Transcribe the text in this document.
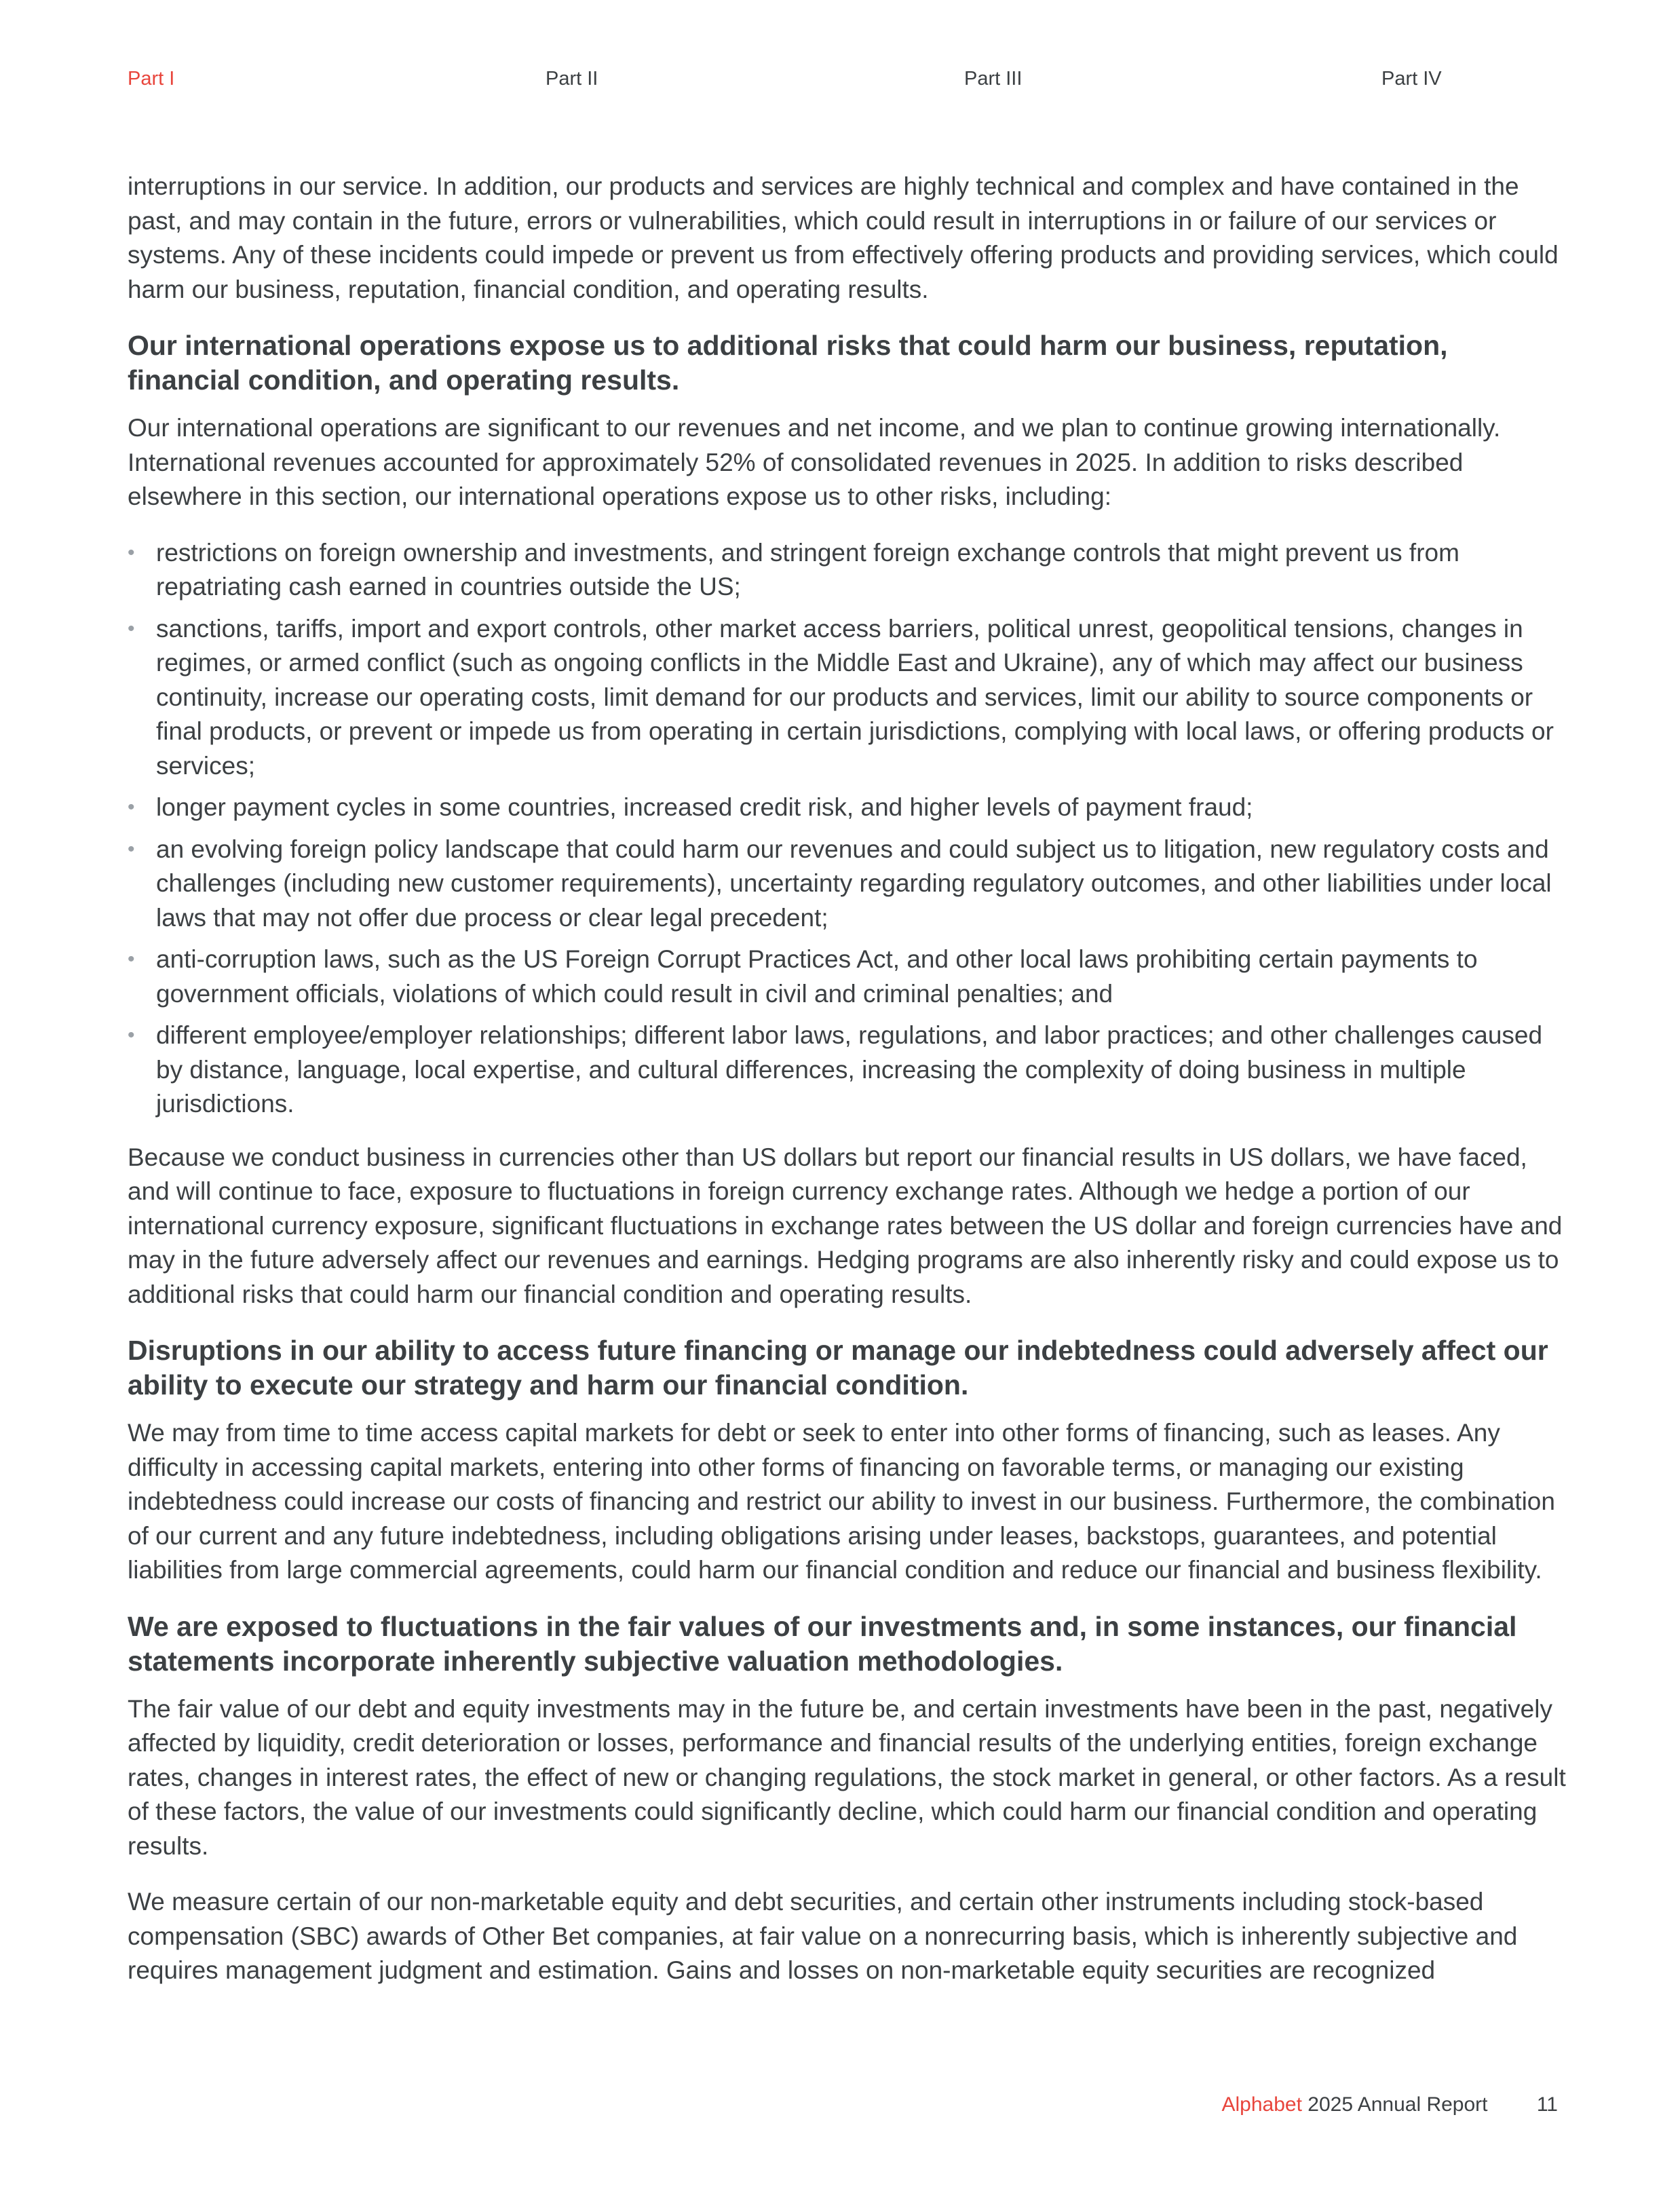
Part I	Part II	Part III	Part IV

interruptions in our service. In addition, our products and services are highly technical and complex and have contained in the past, and may contain in the future, errors or vulnerabilities, which could result in interruptions in or failure of our services or systems. Any of these incidents could impede or prevent us from effectively offering products and providing services, which could harm our business, reputation, financial condition, and operating results.

Our international operations expose us to additional risks that could harm our business, reputation, financial condition, and operating results.

Our international operations are significant to our revenues and net income, and we plan to continue growing internationally. International revenues accounted for approximately 52% of consolidated revenues in 2025. In addition to risks described elsewhere in this section, our international operations expose us to other risks, including:

• restrictions on foreign ownership and investments, and stringent foreign exchange controls that might prevent us from repatriating cash earned in countries outside the US;
• sanctions, tariffs, import and export controls, other market access barriers, political unrest, geopolitical tensions, changes in regimes, or armed conflict (such as ongoing conflicts in the Middle East and Ukraine), any of which may affect our business continuity, increase our operating costs, limit demand for our products and services, limit our ability to source components or final products, or prevent or impede us from operating in certain jurisdictions, complying with local laws, or offering products or services;
• longer payment cycles in some countries, increased credit risk, and higher levels of payment fraud;
• an evolving foreign policy landscape that could harm our revenues and could subject us to litigation, new regulatory costs and challenges (including new customer requirements), uncertainty regarding regulatory outcomes, and other liabilities under local laws that may not offer due process or clear legal precedent;
• anti-corruption laws, such as the US Foreign Corrupt Practices Act, and other local laws prohibiting certain payments to government officials, violations of which could result in civil and criminal penalties; and
• different employee/employer relationships; different labor laws, regulations, and labor practices; and other challenges caused by distance, language, local expertise, and cultural differences, increasing the complexity of doing business in multiple jurisdictions.

Because we conduct business in currencies other than US dollars but report our financial results in US dollars, we have faced, and will continue to face, exposure to fluctuations in foreign currency exchange rates. Although we hedge a portion of our international currency exposure, significant fluctuations in exchange rates between the US dollar and foreign currencies have and may in the future adversely affect our revenues and earnings. Hedging programs are also inherently risky and could expose us to additional risks that could harm our financial condition and operating results.

Disruptions in our ability to access future financing or manage our indebtedness could adversely affect our ability to execute our strategy and harm our financial condition.

We may from time to time access capital markets for debt or seek to enter into other forms of financing, such as leases. Any difficulty in accessing capital markets, entering into other forms of financing on favorable terms, or managing our existing indebtedness could increase our costs of financing and restrict our ability to invest in our business. Furthermore, the combination of our current and any future indebtedness, including obligations arising under leases, backstops, guarantees, and potential liabilities from large commercial agreements, could harm our financial condition and reduce our financial and business flexibility.

We are exposed to fluctuations in the fair values of our investments and, in some instances, our financial statements incorporate inherently subjective valuation methodologies.

The fair value of our debt and equity investments may in the future be, and certain investments have been in the past, negatively affected by liquidity, credit deterioration or losses, performance and financial results of the underlying entities, foreign exchange rates, changes in interest rates, the effect of new or changing regulations, the stock market in general, or other factors. As a result of these factors, the value of our investments could significantly decline, which could harm our financial condition and operating results.

We measure certain of our non-marketable equity and debt securities, and certain other instruments including stock-based compensation (SBC) awards of Other Bet companies, at fair value on a nonrecurring basis, which is inherently subjective and requires management judgment and estimation. Gains and losses on non-marketable equity securities are recognized

Alphabet 2025 Annual Report 11
